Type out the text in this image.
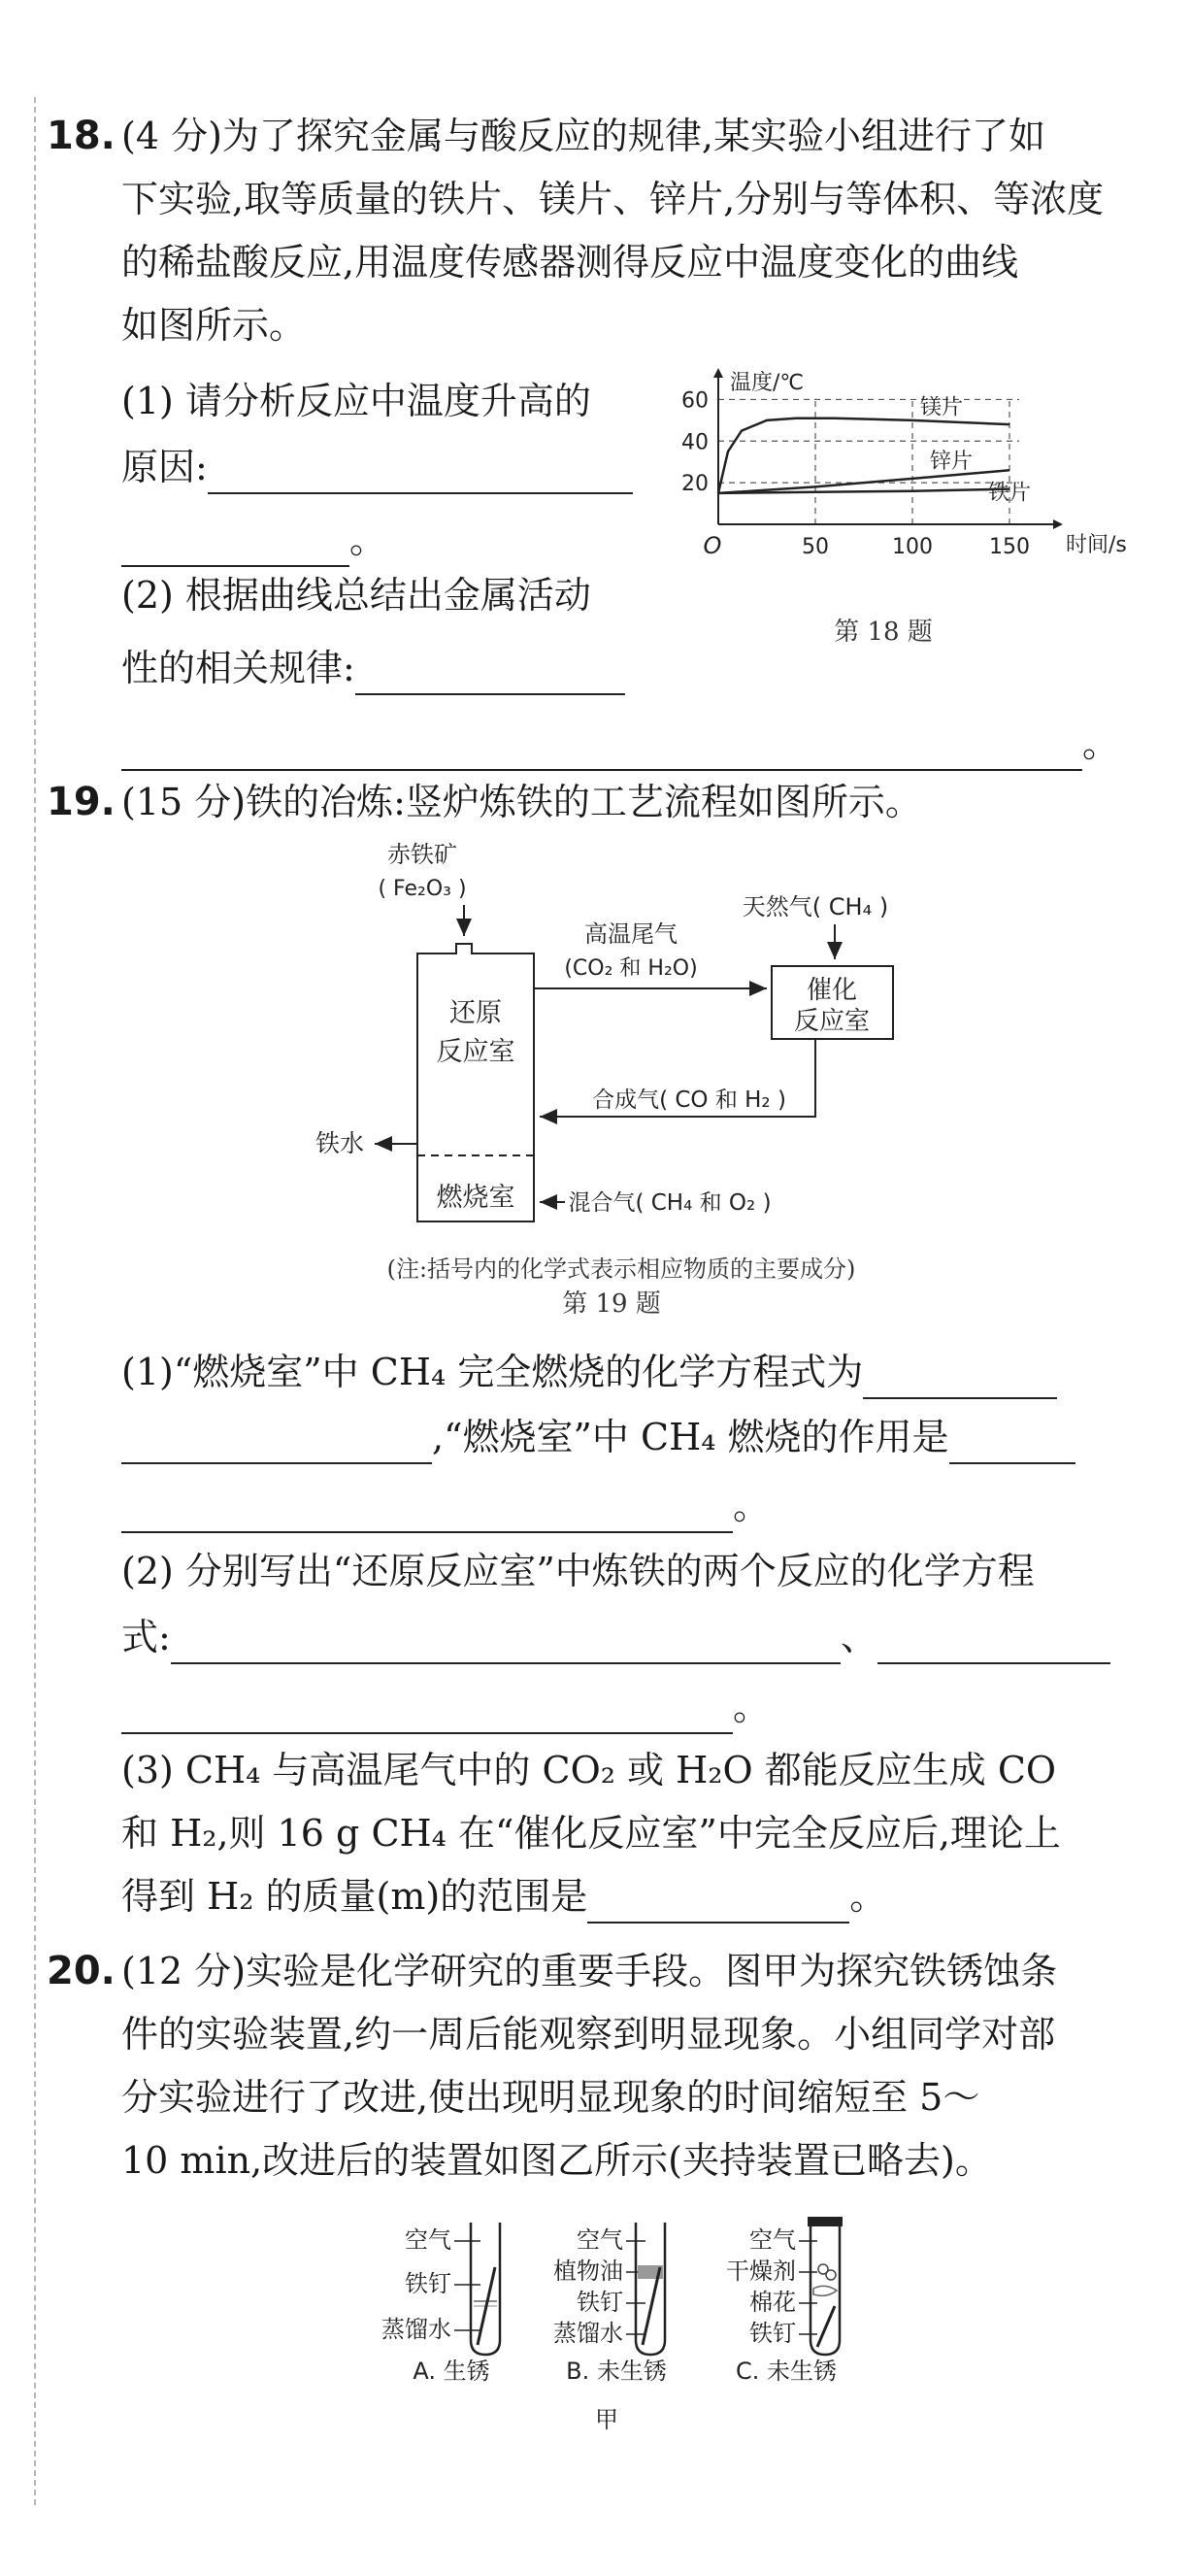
18. (4 分)为了探究金属与酸反应的规律,某实验小组进行了如
下实验,取等质量的铁片、镁片、锌片,分别与等体积、等浓度
的稀盐酸反应,用温度传感器测得反应中温度变化的曲线
如图所示。
(1) 请分析反应中温度升高的
原因:
。
(2) 根据曲线总结出金属活动
性的相关规律:
。
温度/℃
时间/s
O	50	100	150
20
40
60	镁片
锌片
铁片
第 18 题
19. (15 分)铁的冶炼:竖炉炼铁的工艺流程如图所示。
赤铁矿
( Fe₂O₃ )
还原
反应室
燃烧室
高温尾气
(CO₂ 和 H₂O)
天然气( CH₄ )
催化
反应室
合成气( CO 和 H₂ )
铁水
混合气( CH₄ 和 O₂ )
(注:括号内的化学式表示相应物质的主要成分)
第 19 题
(1)“燃烧室”中 CH₄ 完全燃烧的化学方程式为
,“燃烧室”中 CH₄ 燃烧的作用是
。
(2) 分别写出“还原反应室”中炼铁的两个反应的化学方程
式:	、
。
(3) CH₄ 与高温尾气中的 CO₂ 或 H₂O 都能反应生成 CO
和 H₂,则 16 g CH₄ 在“催化反应室”中完全反应后,理论上
得到 H₂ 的质量(m)的范围是	。
20. (12 分)实验是化学研究的重要手段。图甲为探究铁锈蚀条
件的实验装置,约一周后能观察到明显现象。小组同学对部
分实验进行了改进,使出现明显现象的时间缩短至 5～
10 min,改进后的装置如图乙所示(夹持装置已略去)。
空气
铁钉
蒸馏水
A. 生锈
空气
植物油
铁钉
蒸馏水
B. 未生锈
空气
干燥剂
棉花
铁钉
C. 未生锈
甲
